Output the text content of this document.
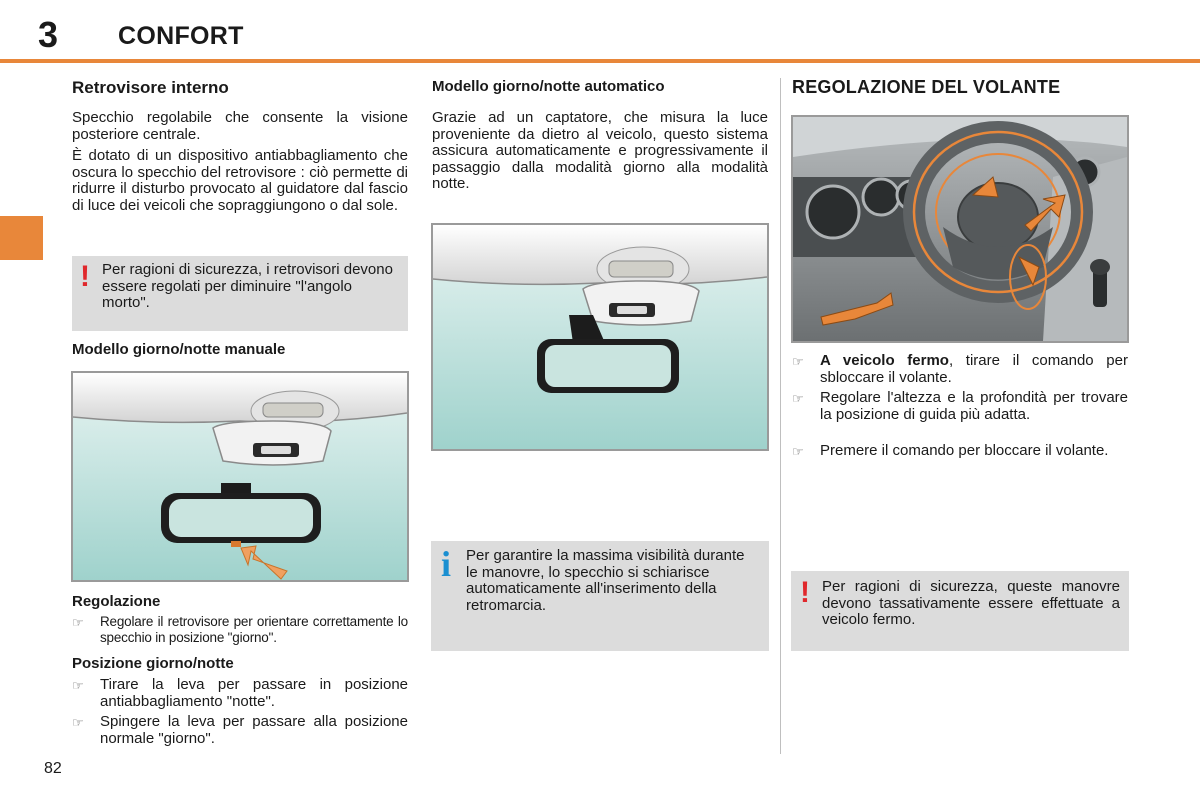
3 CONFORT
Retrovisore interno
Specchio regolabile che consente la visione posteriore centrale.
È dotato di un dispositivo antiabbagliamento che oscura lo specchio del retrovisore : ciò permette di ridurre il disturbo provocato al guidatore dal fascio di luce dei veicoli che sopraggiungono o dal sole.
! Per ragioni di sicurezza, i retrovisori devono essere regolati per diminuire "l'angolo morto".
Modello giorno/notte manuale
Regolazione
☞	Regolare il retrovisore per orientare correttamente lo specchio in posizione "giorno".
Posizione giorno/notte
☞	Tirare la leva per passare in posizione antiabbagliamento "notte".
☞	Spingere la leva per passare alla posizione normale "giorno".
82
Modello giorno/notte automatico
Grazie ad un captatore, che misura la luce proveniente da dietro al veicolo, questo sistema assicura automaticamente e progressivamente il passaggio dalla modalità giorno alla modalità notte.
i Per garantire la massima visibilità durante le manovre, lo specchio si schiarisce automaticamente all'inserimento della retromarcia.
REGOLAZIONE DEL VOLANTE
☞	A veicolo fermo, tirare il comando per sbloccare il volante.
☞	Regolare l'altezza e la profondità per trovare la posizione di guida più adatta.
☞	Premere il comando per bloccare il volante.
! Per ragioni di sicurezza, queste manovre devono tassativamente essere effettuate a veicolo fermo.
